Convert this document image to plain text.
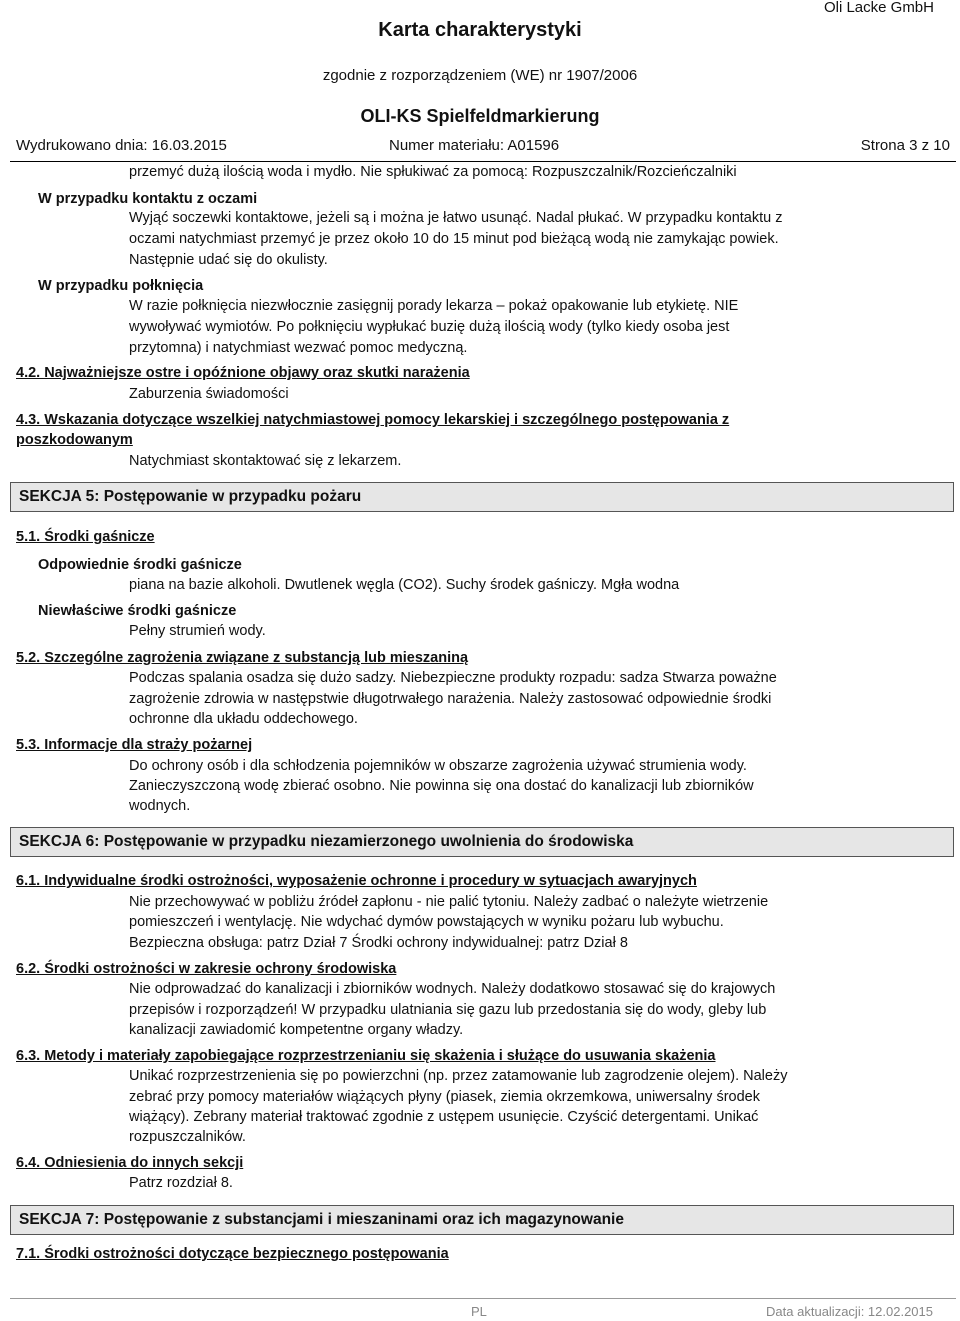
Oli Lacke GmbH
Karta charakterystyki
zgodnie z rozporządzeniem (WE) nr 1907/2006
OLI-KS Spielfeldmarkierung
Wydrukowano dnia: 16.03.2015	Numer materiału: A01596	Strona 3 z 10
przemyć dużą ilością woda i mydło. Nie spłukiwać za pomocą: Rozpuszczalnik/Rozcieńczalniki
W przypadku kontaktu z oczami
Wyjąć soczewki kontaktowe, jeżeli są i można je łatwo usunąć. Nadal płukać. W przypadku kontaktu z
oczami natychmiast przemyć je przez około 10 do 15 minut pod bieżącą wodą nie zamykając powiek.
Następnie udać się do okulisty.
W przypadku połknięcia
W razie połknięcia niezwłocznie zasięgnij porady lekarza – pokaż opakowanie lub etykietę. NIE
wywoływać wymiotów. Po połknięciu wypłukać buzię dużą ilością wody (tylko kiedy osoba jest
przytomna) i natychmiast wezwać pomoc medyczną.
4.2. Najważniejsze ostre i opóźnione objawy oraz skutki narażenia
Zaburzenia świadomości
4.3. Wskazania dotyczące wszelkiej natychmiastowej pomocy lekarskiej i szczególnego postępowania z
poszkodowanym
Natychmiast skontaktować się z lekarzem.
SEKCJA 5: Postępowanie w przypadku pożaru
5.1. Środki gaśnicze
Odpowiednie środki gaśnicze
piana na bazie alkoholi. Dwutlenek węgla (CO2). Suchy środek gaśniczy. Mgła wodna
Niewłaściwe środki gaśnicze
Pełny strumień wody.
5.2. Szczególne zagrożenia związane z substancją lub mieszaniną
Podczas spalania osadza się dużo sadzy. Niebezpieczne produkty rozpadu: sadza Stwarza poważne
zagrożenie zdrowia w następstwie długotrwałego narażenia. Należy zastosować odpowiednie środki
ochronne dla układu oddechowego.
5.3. Informacje dla straży pożarnej
Do ochrony osób i dla schłodzenia pojemników w obszarze zagrożenia używać strumienia wody.
Zanieczyszczoną wodę zbierać osobno. Nie powinna się ona dostać do kanalizacji lub zbiorników
wodnych.
SEKCJA 6: Postępowanie w przypadku niezamierzonego uwolnienia do środowiska
6.1. Indywidualne środki ostrożności, wyposażenie ochronne i procedury w sytuacjach awaryjnych
Nie przechowywać w pobliżu źródeł zapłonu - nie palić tytoniu. Należy zadbać o należyte wietrzenie
pomieszczeń i wentylację. Nie wdychać dymów powstających w wyniku pożaru lub wybuchu.
Bezpieczna obsługa: patrz Dział 7 Środki ochrony indywidualnej: patrz Dział 8
6.2. Środki ostrożności w zakresie ochrony środowiska
Nie odprowadzać do kanalizacji i zbiorników wodnych. Należy dodatkowo stosawać się do krajowych
przepisów i rozporządzeń! W przypadku ulatniania się gazu lub przedostania się do wody, gleby lub
kanalizacji zawiadomić kompetentne organy władzy.
6.3. Metody i materiały zapobiegające rozprzestrzenianiu się skażenia i służące do usuwania skażenia
Unikać rozprzestrzenienia się po powierzchni (np. przez zatamowanie lub zagrodzenie olejem). Należy
zebrać przy pomocy materiałów wiążących płyny (piasek, ziemia okrzemkowa, uniwersalny środek
wiążący). Zebrany materiał traktować zgodnie z ustępem usunięcie. Czyścić detergentami. Unikać
rozpuszczalników.
6.4. Odniesienia do innych sekcji
Patrz rozdział 8.
SEKCJA 7: Postępowanie z substancjami i mieszaninami oraz ich magazynowanie
7.1. Środki ostrożności dotyczące bezpiecznego postępowania
PL	Data aktualizacji: 12.02.2015
